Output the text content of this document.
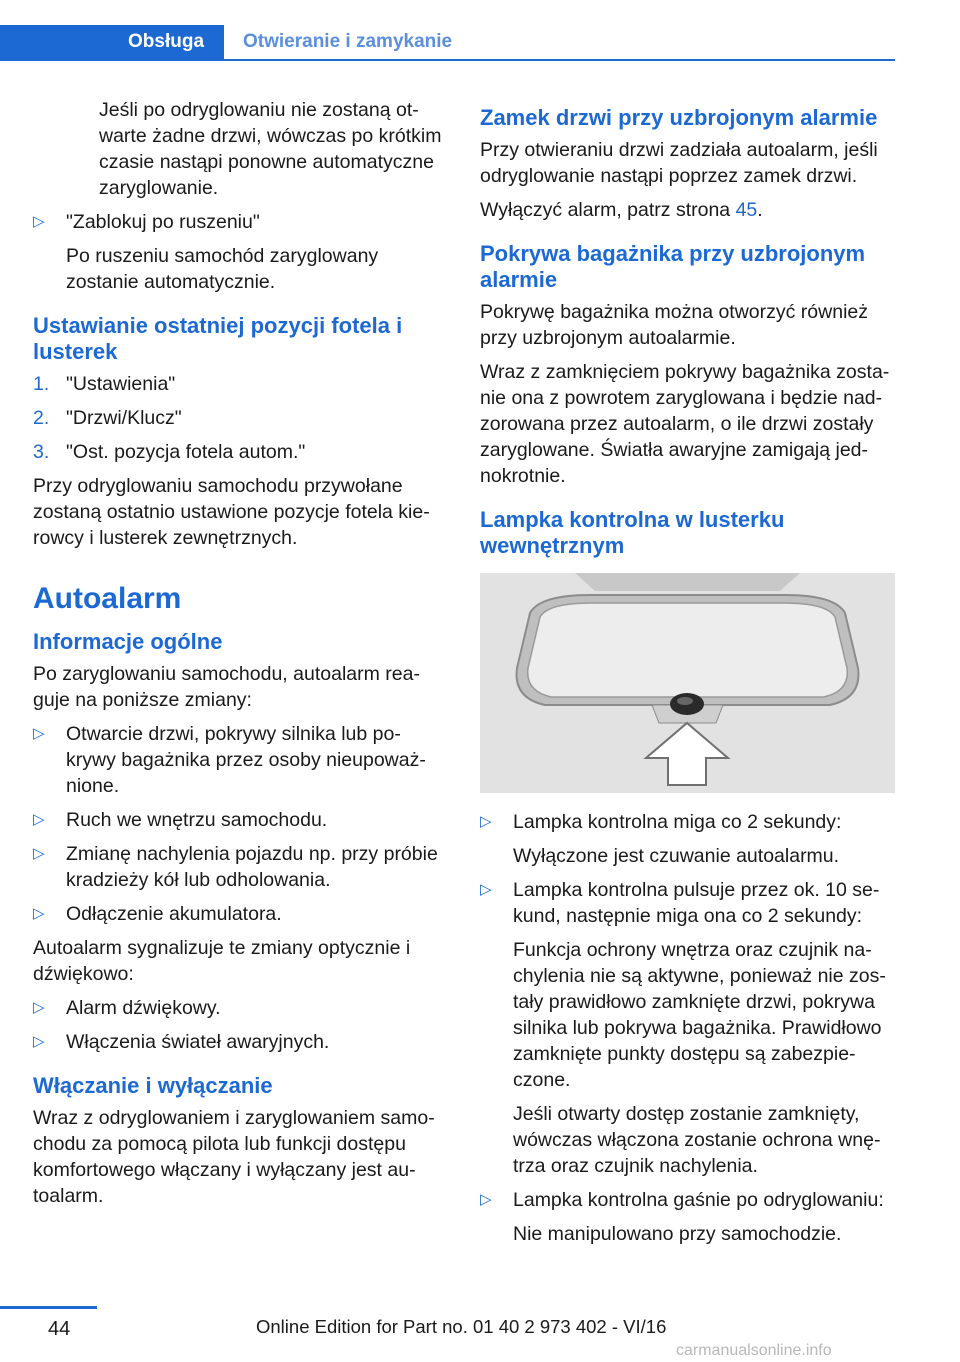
Obsługa	Otwieranie i zamykanie

Jeśli po odryglowaniu nie zostaną ot-warte żadne drzwi, wówczas po krótkim czasie nastąpi ponowne automatyczne zaryglowanie.

▷ "Zablokuj po ruszeniu"
Po ruszeniu samochód zaryglowany zostanie automatycznie.
Ustawianie ostatniej pozycji fotela i lusterek
1. "Ustawienia"
2. "Drzwi/Klucz"
3. "Ost. pozycja fotela autom."

Przy odryglowaniu samochodu przywołane zostaną ostatnio ustawione pozycje fotela kie-rowcy i lusterek zewnętrznych.

Autoalarm
Informacje ogólne

Po zaryglowaniu samochodu, autoalarm rea-guje na poniższe zmiany:

▷ Otwarcie drzwi, pokrywy silnika lub po-krywy bagażnika przez osoby nieupoważ-nione.
▷ Ruch we wnętrzu samochodu.
▷ Zmianę nachylenia pojazdu np. przy próbie kradzieży kół lub odholowania.
▷ Odłączenie akumulatora.

Autoalarm sygnalizuje te zmiany optycznie i dźwiękowo:

▷ Alarm dźwiękowy.
▷ Włączenia świateł awaryjnych.
Włączanie i wyłączanie

Wraz z odryglowaniem i zaryglowaniem samo-chodu za pomocą pilota lub funkcji dostępu komfortowego włączany i wyłączany jest au-toalarm.

Zamek drzwi przy uzbrojonym alarmie

Przy otwieraniu drzwi zadziała autoalarm, jeśli odryglowanie nastąpi poprzez zamek drzwi.

Wyłączyć alarm, patrz strona 45.

Pokrywa bagażnika przy uzbrojonym alarmie

Pokrywę bagażnika można otworzyć również przy uzbrojonym autoalarmie.

Wraz z zamknięciem pokrywy bagażnika zosta-nie ona z powrotem zaryglowana i będzie nad-zorowana przez autoalarm, o ile drzwi zostały zaryglowane. Światła awaryjne zamigają jed-nokrotnie.

Lampka kontrolna w lusterku wewnętrznym
▷ Lampka kontrolna miga co 2 sekundy:
Wyłączone jest czuwanie autoalarmu.
▷ Lampka kontrolna pulsuje przez ok. 10 se-kund, następnie miga ona co 2 sekundy:
Funkcja ochrony wnętrza oraz czujnik na-chylenia nie są aktywne, ponieważ nie zos-tały prawidłowo zamknięte drzwi, pokrywa silnika lub pokrywa bagażnika. Prawidłowo zamknięte punkty dostępu są zabezpie-czone.
Jeśli otwarty dostęp zostanie zamknięty, wówczas włączona zostanie ochrona wnę-trza oraz czujnik nachylenia.
▷ Lampka kontrolna gaśnie po odryglowaniu:
Nie manipulowano przy samochodzie.
44	Online Edition for Part no. 01 40 2 973 402 - VI/16
carmanualsonline.info
